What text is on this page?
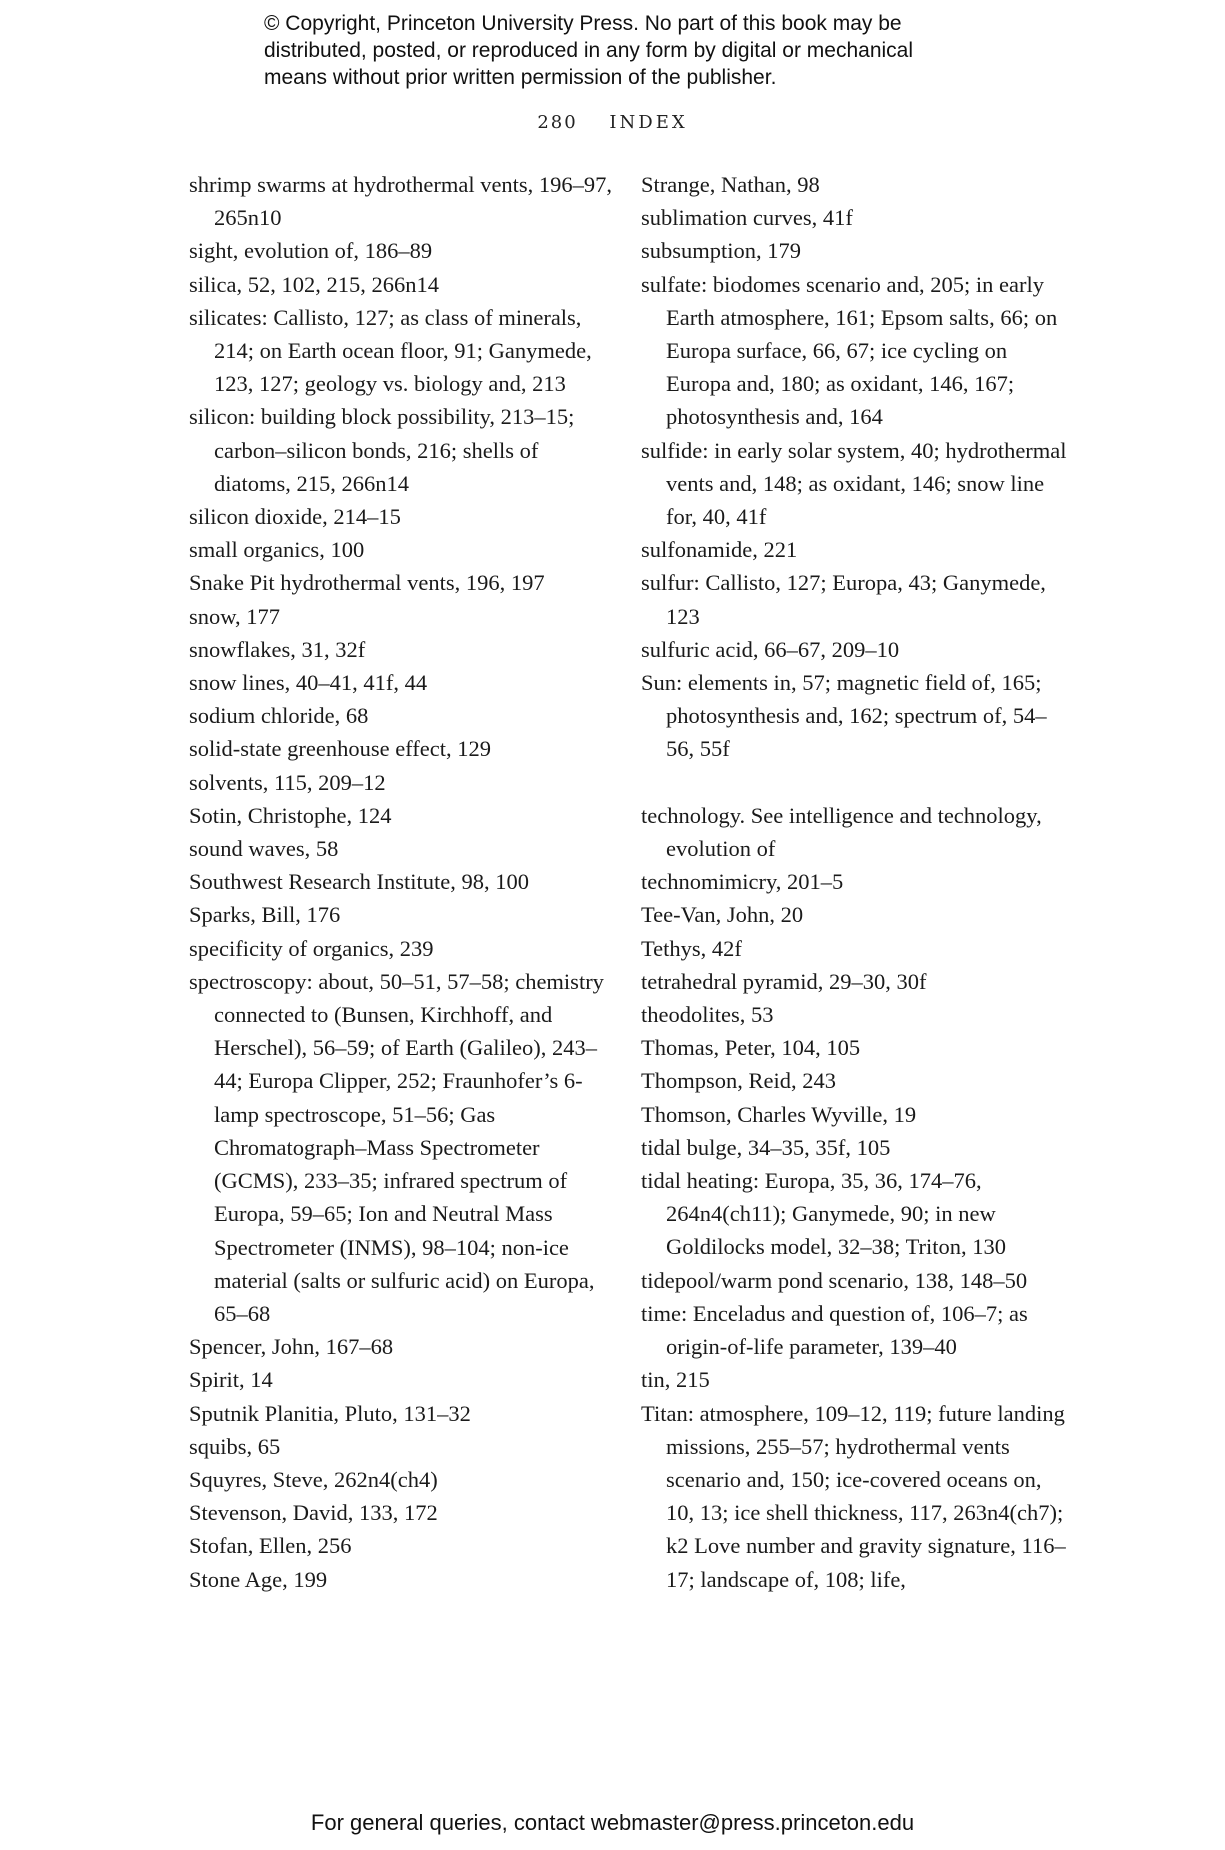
© Copyright, Princeton University Press. No part of this book may be
distributed, posted, or reproduced in any form by digital or mechanical
means without prior written permission of the publisher.
280 INDEX

shrimp swarms at hydrothermal vents, 196–97, 265n10

sight, evolution of, 186–89

silica, 52, 102, 215, 266n14

silicates: Callisto, 127; as class of minerals, 214; on Earth ocean floor, 91; Ganymede, 123, 127; geology vs. biology and, 213

silicon: building block possibility, 213–15; carbon–silicon bonds, 216; shells of diatoms, 215, 266n14

silicon dioxide, 214–15

small organics, 100

Snake Pit hydrothermal vents, 196, 197

snow, 177

snowflakes, 31, 32f

snow lines, 40–41, 41f, 44

sodium chloride, 68

solid-state greenhouse effect, 129

solvents, 115, 209–12

Sotin, Christophe, 124

sound waves, 58

Southwest Research Institute, 98, 100

Sparks, Bill, 176

specificity of organics, 239

spectroscopy: about, 50–51, 57–58; chemistry connected to (Bunsen, Kirchhoff, and Herschel), 56–59; of Earth (Galileo), 243–44; Europa Clipper, 252; Fraunhofer’s 6-lamp spectroscope, 51–56; Gas Chromatograph–Mass Spectrometer (GCMS), 233–35; infrared spectrum of Europa, 59–65; Ion and Neutral Mass Spectrometer (INMS), 98–104; non-ice material (salts or sulfuric acid) on Europa, 65–68

Spencer, John, 167–68

Spirit, 14

Sputnik Planitia, Pluto, 131–32

squibs, 65

Squyres, Steve, 262n4(ch4)

Stevenson, David, 133, 172

Stofan, Ellen, 256

Stone Age, 199

Strange, Nathan, 98

sublimation curves, 41f

subsumption, 179

sulfate: biodomes scenario and, 205; in early Earth atmosphere, 161; Epsom salts, 66; on Europa surface, 66, 67; ice cycling on Europa and, 180; as oxidant, 146, 167; photosynthesis and, 164

sulfide: in early solar system, 40; hydrothermal vents and, 148; as oxidant, 146; snow line for, 40, 41f

sulfonamide, 221

sulfur: Callisto, 127; Europa, 43; Ganymede, 123

sulfuric acid, 66–67, 209–10

Sun: elements in, 57; magnetic field of, 165; photosynthesis and, 162; spectrum of, 54–56, 55f

technology. See intelligence and technology, evolution of

technomimicry, 201–5

Tee-Van, John, 20

Tethys, 42f

tetrahedral pyramid, 29–30, 30f

theodolites, 53

Thomas, Peter, 104, 105

Thompson, Reid, 243

Thomson, Charles Wyville, 19

tidal bulge, 34–35, 35f, 105

tidal heating: Europa, 35, 36, 174–76, 264n4(ch11); Ganymede, 90; in new Goldilocks model, 32–38; Triton, 130

tidepool/warm pond scenario, 138, 148–50

time: Enceladus and question of, 106–7; as origin-of-life parameter, 139–40

tin, 215

Titan: atmosphere, 109–12, 119; future landing missions, 255–57; hydrothermal vents scenario and, 150; ice-covered oceans on, 10, 13; ice shell thickness, 117, 263n4(ch7); k2 Love number and gravity signature, 116–17; landscape of, 108; life,

For general queries, contact webmaster@press.princeton.edu
